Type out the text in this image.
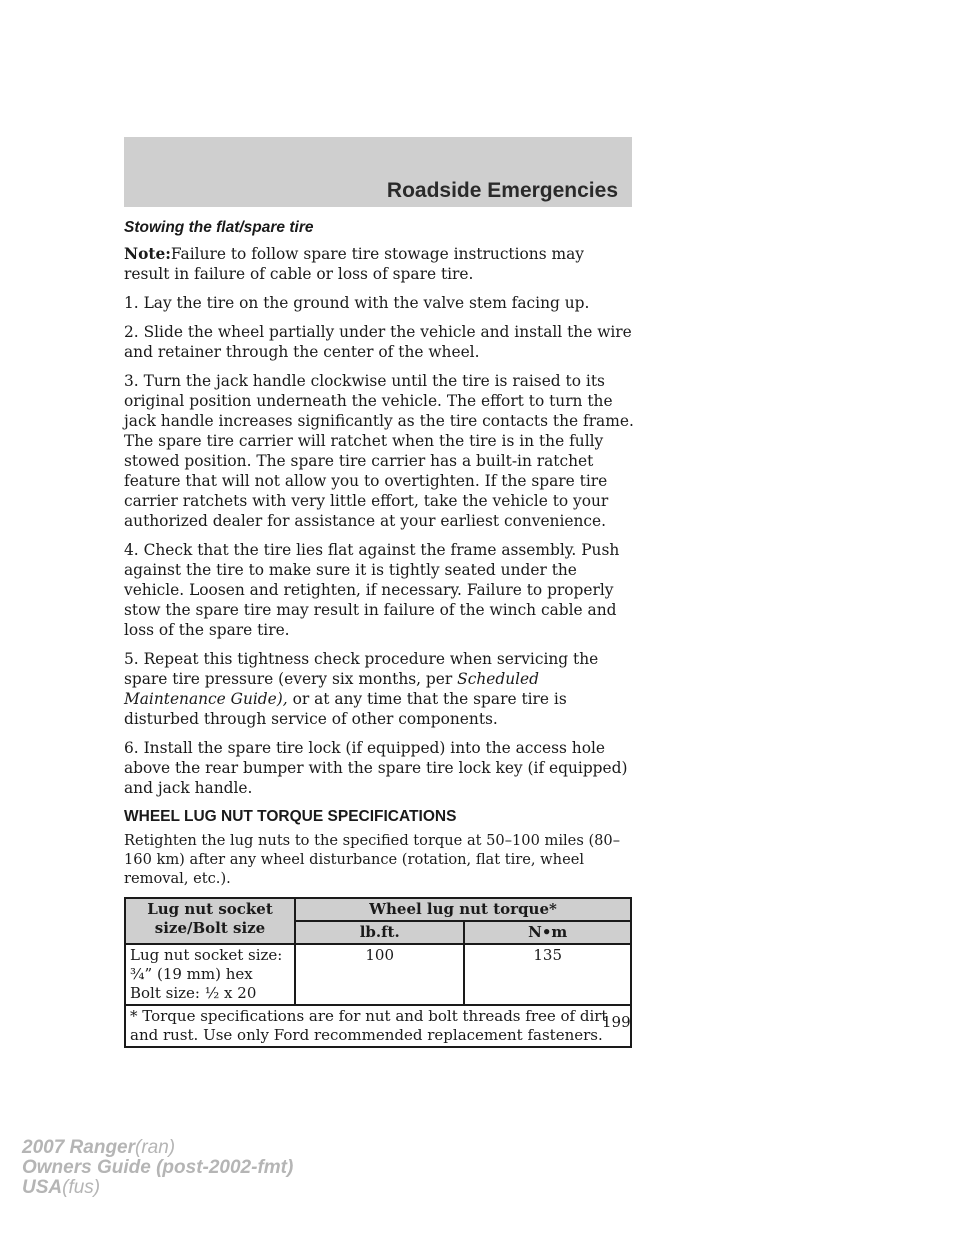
Roadside Emergencies
Stowing the flat/spare tire

Note:Failure to follow spare tire stowage instructions may result in failure of cable or loss of spare tire.

1. Lay the tire on the ground with the valve stem facing up.

2. Slide the wheel partially under the vehicle and install the wire and retainer through the center of the wheel.

3. Turn the jack handle clockwise until the tire is raised to its original position underneath the vehicle. The effort to turn the jack handle increases significantly as the tire contacts the frame. The spare tire carrier will ratchet when the tire is in the fully stowed position. The spare tire carrier has a built-in ratchet feature that will not allow you to overtighten. If the spare tire carrier ratchets with very little effort, take the vehicle to your authorized dealer for assistance at your earliest convenience.

4. Check that the tire lies flat against the frame assembly. Push against the tire to make sure it is tightly seated under the vehicle. Loosen and retighten, if necessary. Failure to properly stow the spare tire may result in failure of the winch cable and loss of the spare tire.

5. Repeat this tightness check procedure when servicing the spare tire pressure (every six months, per Scheduled Maintenance Guide), or at any time that the spare tire is disturbed through service of other components.

6. Install the spare tire lock (if equipped) into the access hole above the rear bumper with the spare tire lock key (if equipped) and jack handle.

WHEEL LUG NUT TORQUE SPECIFICATIONS

Retighten the lug nuts to the specified torque at 50–100 miles (80–160 km) after any wheel disturbance (rotation, flat tire, wheel removal, etc.).

Lug nut socket size/Bolt size	Wheel lug nut torque*	
	lb.ft.	N•m

Lug nut socket size:
¾” (19 mm) hex
Bolt size: ½ x 20	100	135
* Torque specifications are for nut and bolt threads free of dirt and rust. Use only Ford recommended replacement fasteners.		
199
2007 Ranger(ran)
Owners Guide (post-2002-fmt)
USA(fus)
